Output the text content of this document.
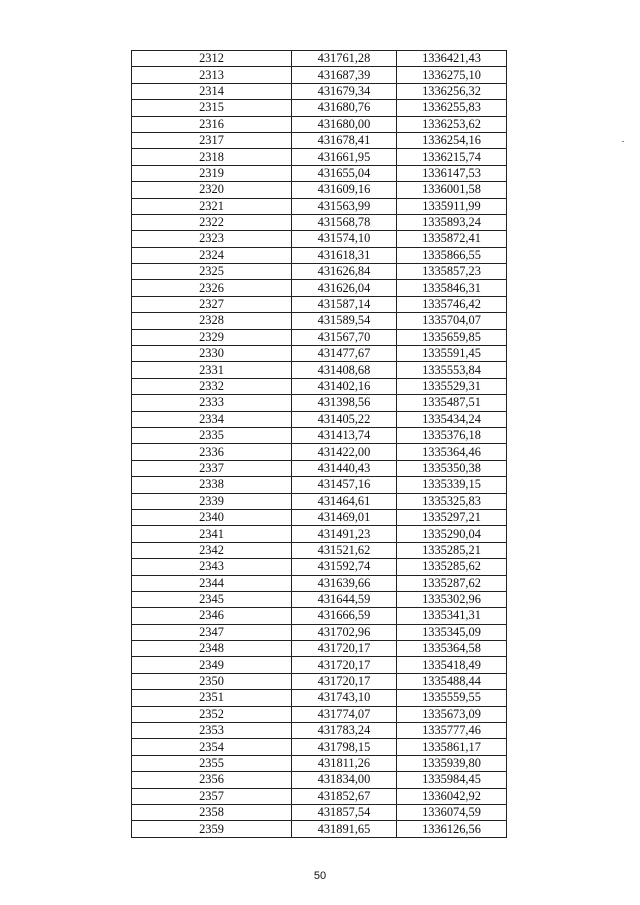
2312	431761,28	1336421,43
2313	431687,39	1336275,10
2314	431679,34	1336256,32
2315	431680,76	1336255,83
2316	431680,00	1336253,62
2317	431678,41	1336254,16
2318	431661,95	1336215,74
2319	431655,04	1336147,53
2320	431609,16	1336001,58
2321	431563,99	1335911,99
2322	431568,78	1335893,24
2323	431574,10	1335872,41
2324	431618,31	1335866,55
2325	431626,84	1335857,23
2326	431626,04	1335846,31
2327	431587,14	1335746,42
2328	431589,54	1335704,07
2329	431567,70	1335659,85
2330	431477,67	1335591,45
2331	431408,68	1335553,84
2332	431402,16	1335529,31
2333	431398,56	1335487,51
2334	431405,22	1335434,24
2335	431413,74	1335376,18
2336	431422,00	1335364,46
2337	431440,43	1335350,38
2338	431457,16	1335339,15
2339	431464,61	1335325,83
2340	431469,01	1335297,21
2341	431491,23	1335290,04
2342	431521,62	1335285,21
2343	431592,74	1335285,62
2344	431639,66	1335287,62
2345	431644,59	1335302,96
2346	431666,59	1335341,31
2347	431702,96	1335345,09
2348	431720,17	1335364,58
2349	431720,17	1335418,49
2350	431720,17	1335488,44
2351	431743,10	1335559,55
2352	431774,07	1335673,09
2353	431783,24	1335777,46
2354	431798,15	1335861,17
2355	431811,26	1335939,80
2356	431834,00	1335984,45
2357	431852,67	1336042,92
2358	431857,54	1336074,59
2359	431891,65	1336126,56
50
